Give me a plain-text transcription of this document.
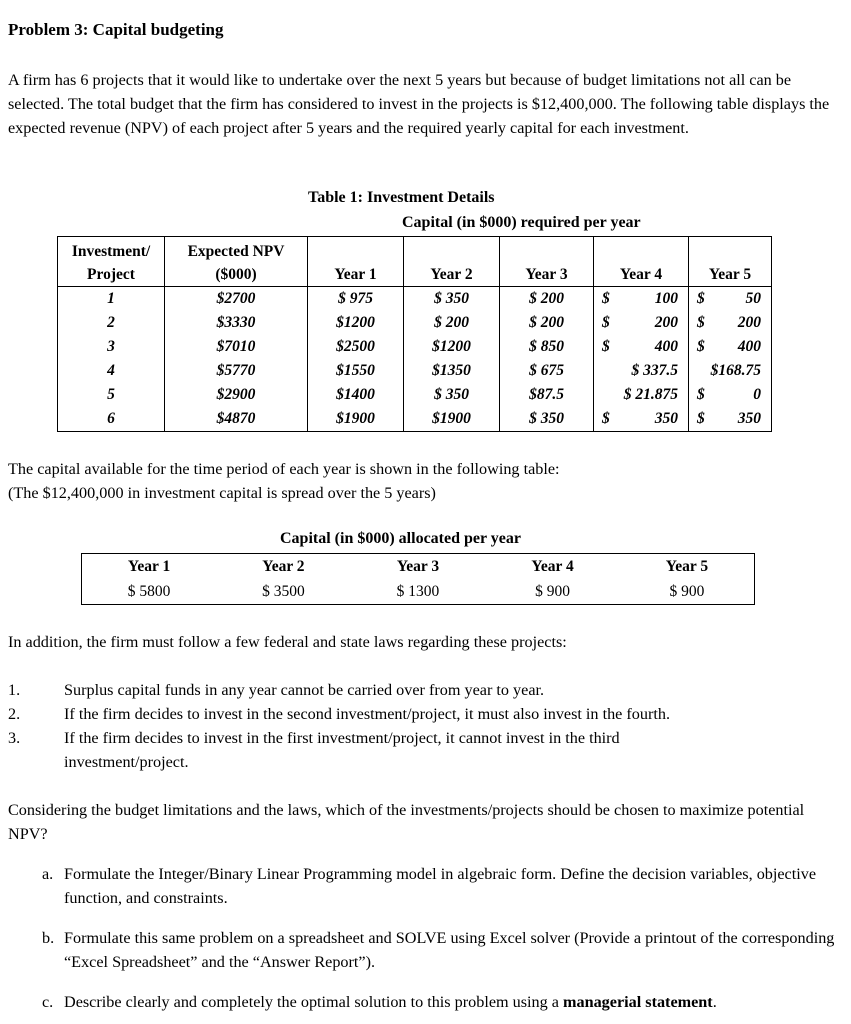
Problem 3: Capital budgeting
A firm has 6 projects that it would like to undertake over the next 5 years but because of budget limitations not all can be selected. The total budget that the firm has considered to invest in the projects is $12,400,000. The following table displays the expected revenue (NPV) of each project after 5 years and the required yearly capital for each investment.
Table 1: Investment Details
Capital (in $000) required per year
Investment/ Project	Expected NPV ($000)	Year 1	Year 2	Year 3	Year 4	Year 5
1	$2700	$ 975	$ 350	$ 200	$ 100	$ 50

2	$3330	$1200	$ 200	$ 200	$ 200	$ 200

3	$7010	$2500	$1200	$ 850	$ 400	$ 400

4	$5770	$1550	$1350	$ 675	$ 337.5	$168.75

5	$2900	$1400	$ 350	$87.5	$ 21.875	$ 0

6	$4870	$1900	$1900	$ 350	$ 350	$ 350
The capital available for the time period of each year is shown in the following table:
(The $12,400,000 in investment capital is spread over the 5 years)
Capital (in $000) allocated per year
Year 1	Year 2	Year 3	Year 4	Year 5
$ 5800	$ 3500	$ 1300	$ 900	$ 900
In addition, the firm must follow a few federal and state laws regarding these projects:
1.	Surplus capital funds in any year cannot be carried over from year to year.
2.	If the firm decides to invest in the second investment/project, it must also invest in the fourth.
3.	If the firm decides to invest in the first investment/project, it cannot invest in the third investment/project.
Considering the budget limitations and the laws, which of the investments/projects should be chosen to maximize potential NPV?
a. Formulate the Integer/Binary Linear Programming model in algebraic form. Define the decision variables, objective function, and constraints.
b. Formulate this same problem on a spreadsheet and SOLVE using Excel solver (Provide a printout of the corresponding “Excel Spreadsheet” and the “Answer Report”).
c. Describe clearly and completely the optimal solution to this problem using a managerial statement.
